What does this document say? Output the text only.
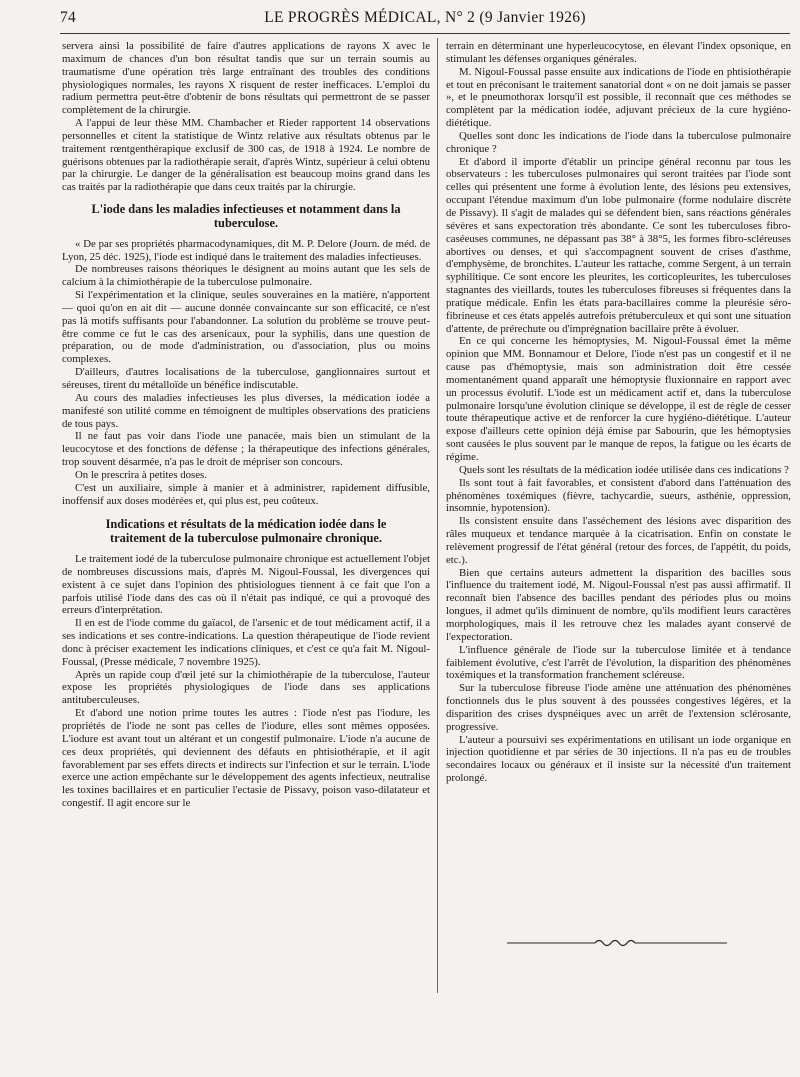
74	LE PROGRÈS MÉDICAL, N° 2 (9 Janvier 1926)

servera ainsi la possibilité de faire d'autres applications de rayons X avec le maximum de chances d'un bon résultat tandis que sur un terrain soumis au traumatisme d'une opération très large entraînant des troubles des conditions physiologiques normales, les rayons X risquent de rester inefficaces. L'emploi du radium permettra peut-être d'obtenir de bons résultats qui permettront de se passer complètement de la chirurgie.

A l'appui de leur thèse MM. Chambacher et Rieder rapportent 14 observations personnelles et citent la statistique de Wintz relative aux résultats obtenus par le traitement rœntgenthérapique exclusif de 300 cas, de 1918 à 1924. Le nombre de guérisons obtenues par la radiothérapie serait, d'après Wintz, supérieur à celui obtenu par la chirurgie. Le danger de la généralisation est beaucoup moins grand dans les cas traités par la radiothérapie que dans ceux traités par la chirurgie.

L'iode dans les maladies infectieuses et notamment dans la tuberculose.

« De par ses propriétés pharmacodynamiques, dit M. P. Delore (Journ. de méd. de Lyon, 25 déc. 1925), l'iode est indiqué dans le traitement des maladies infectieuses.

De nombreuses raisons théoriques le désignent au moins autant que les sels de calcium à la chimiothérapie de la tuberculose pulmonaire.

Si l'expérimentation et la clinique, seules souveraines en la matière, n'apportent — quoi qu'on en ait dit — aucune donnée convaincante sur son efficacité, ce n'est pas là motifs suffisants pour l'abandonner. La solution du problème se trouve peut-être comme ce fut le cas des arsenicaux, pour la syphilis, dans une question de préparation, ou de mode d'administration, ou d'association, plus ou moins complexes.

D'ailleurs, d'autres localisations de la tuberculose, ganglionnaires surtout et séreuses, tirent du métalloïde un bénéfice indiscutable.

Au cours des maladies infectieuses les plus diverses, la médication iodée a manifesté son utilité comme en témoignent de multiples observations des praticiens de tous pays.

Il ne faut pas voir dans l'iode une panacée, mais bien un stimulant de la leucocytose et des fonctions de défense ; la thérapeutique des infections générales, trop souvent désarmée, n'a pas le droit de mépriser son concours.

On le prescrira à petites doses.

C'est un auxiliaire, simple à manier et à administrer, rapidement diffusible, inoffensif aux doses modérées et, qui plus est, peu coûteux.

Indications et résultats de la médication iodée dans le
traitement de la tuberculose pulmonaire chronique.

Le traitement iodé de la tuberculose pulmonaire chronique est actuellement l'objet de nombreuses discussions mais, d'après M. Nigoul-Foussal, les divergences qui existent à ce sujet dans l'opinion des phtisiologues tiennent à ce fait que l'on a parfois utilisé l'iode dans des cas où il n'était pas indiqué, ce qui a provoqué des erreurs d'interprétation.

Il en est de l'iode comme du gaïacol, de l'arsenic et de tout médicament actif, il a ses indications et ses contre-indications. La question thérapeutique de l'iode revient donc à préciser exactement les indications cliniques, et c'est ce qu'a fait M. Nigoul-Foussal, (Presse médicale, 7 novembre 1925).

Après un rapide coup d'œil jeté sur la chimiothérapie de la tuberculose, l'auteur expose les propriétés physiologiques de l'iode dans ses applications antituberculeuses.

Et d'abord une notion prime toutes les autres : l'iode n'est pas l'iodure, les propriétés de l'iode ne sont pas celles de l'iodure, elles sont mêmes opposées. L'iodure est avant tout un altérant et un congestif pulmonaire. L'iode n'a aucune de ces deux propriétés, qui deviennent des défauts en phtisiothérapie, et il agit favorablement par ses effets directs et indirects sur l'infection et sur le terrain. L'iode exerce une action empêchante sur le développement des agents infectieux, neutralise les toxines bacillaires et en particulier l'ectasie de Pissavy, poison vaso-dilatateur et congestif. Il agit encore sur le

terrain en déterminant une hyperleucocytose, en élevant l'index opsonique, en stimulant les défenses organiques générales.

M. Nigoul-Foussal passe ensuite aux indications de l'iode en phtisiothérapie et tout en préconisant le traitement sanatorial dont « on ne doit jamais se passer », et le pneumothorax lorsqu'il est possible, il reconnaît que ces méthodes se complètent par la médication iodée, adjuvant précieux de la cure hygiéno-diététique.

Quelles sont donc les indications de l'iode dans la tuberculose pulmonaire chronique ?

Et d'abord il importe d'établir un principe général reconnu par tous les observateurs : les tuberculoses pulmonaires qui seront traitées par l'iode sont celles qui présentent une forme à évolution lente, des lésions peu extensives, occupant l'étendue maximum d'un lobe pulmonaire (forme nodulaire discrète de Pissavy). Il s'agit de malades qui se défendent bien, sans réactions générales sévères et sans expectoration très abondante. Ce sont les tuberculoses fibro-caséeuses communes, ne dépassant pas 38° à 38°5, les formes fibro-scléreuses abortives ou denses, et qui s'accompagnent souvent de crises d'asthme, d'emphysème, de bronchites. L'auteur les rattache, comme Sergent, à un terrain syphilitique. Ce sont encore les pleurites, les corticopleurites, les tuberculoses stagnantes des vieillards, toutes les tuberculoses fibreuses si fréquentes dans la pratique médicale. Enfin les états para-bacillaires comme la pleurésie séro-fibrineuse et ces états appelés autrefois prétuberculeux et qui sont une situation d'attente, de prérechute ou d'imprégnation bacillaire prête à évoluer.

En ce qui concerne les hémoptysies, M. Nigoul-Foussal émet la même opinion que MM. Bonnamour et Delore, l'iode n'est pas un congestif et il ne cause pas d'hémoptysie, mais son administration doit être cessée momentanément quand apparaît une hémoptysie fluxionnaire en rapport avec un processus évolutif. L'iode est un médicament actif et, dans la tuberculose pulmonaire lorsqu'une évolution clinique se développe, il est de règle de cesser toute thérapeutique active et de renforcer la cure hygiéno-diététique. L'auteur expose d'ailleurs cette opinion déjà émise par Sabourin, que les hémoptysies sont causées le plus souvent par le manque de repos, la fatigue ou les écarts de régime.

Quels sont les résultats de la médication iodée utilisée dans ces indications ?

Ils sont tout à fait favorables, et consistent d'abord dans l'atténuation des phénomènes toxémiques (fièvre, tachycardie, sueurs, asthénie, oppression, insomnie, hypotension).

Ils consistent ensuite dans l'asséchement des lésions avec disparition des râles muqueux et tendance marquée à la cicatrisation. Enfin on constate le relèvement progressif de l'état général (retour des forces, de l'appétit, du poids, etc.).

Bien que certains auteurs admettent la disparition des bacilles sous l'influence du traitement iodé, M. Nigoul-Foussal n'est pas aussi affirmatif. Il reconnaît bien l'absence des bacilles pendant des périodes plus ou moins longues, il admet qu'ils diminuent de nombre, qu'ils modifient leurs caractères morphologiques, mais il les retrouve chez les malades ayant conservé de l'expectoration.

L'influence générale de l'iode sur la tuberculose limitée et à tendance faiblement évolutive, c'est l'arrêt de l'évolution, la disparition des phénomènes toxémiques et la transformation franchement scléreuse.

Sur la tuberculose fibreuse l'iode amène une atténuation des phénomènes fonctionnels dus le plus souvent à des poussées congestives légères, et la disparition des crises dyspnéiques avec un arrêt de l'extension sclérosante, progressive.

L'auteur a poursuivi ses expérimentations en utilisant un iode organique en injection quotidienne et par séries de 30 injections. Il n'a pas eu de troubles secondaires locaux ou généraux et il insiste sur la nécessité d'un traitement prolongé.
